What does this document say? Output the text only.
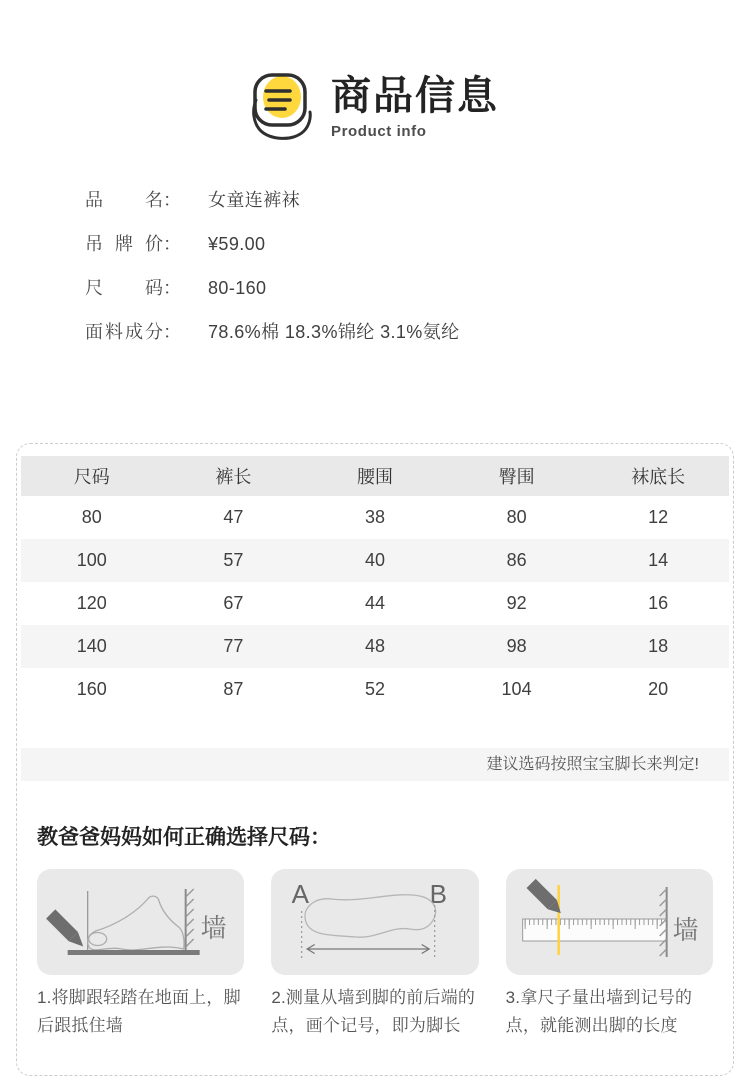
商品信息
Product info
品名： 女童连裤袜
吊牌价： ¥59.00
尺码： 80-160
面料成分： 78.6%棉 18.3%锦纶 3.1%氨纶
尺码	裤长	腰围	臀围	袜底长
80	47	38	80	12
100	57	40	86	14
120	67	44	92	16
140	77	48	98	18
160	87	52	104	20
建议选码按照宝宝脚长来判定!
教爸爸妈妈如何正确选择尺码：
墙
1.将脚跟轻踏在地面上，脚后跟抵住墙
A	B
2.测量从墙到脚的前后端的点，画个记号，即为脚长
墙
3.拿尺子量出墙到记号的点，就能测出脚的长度
